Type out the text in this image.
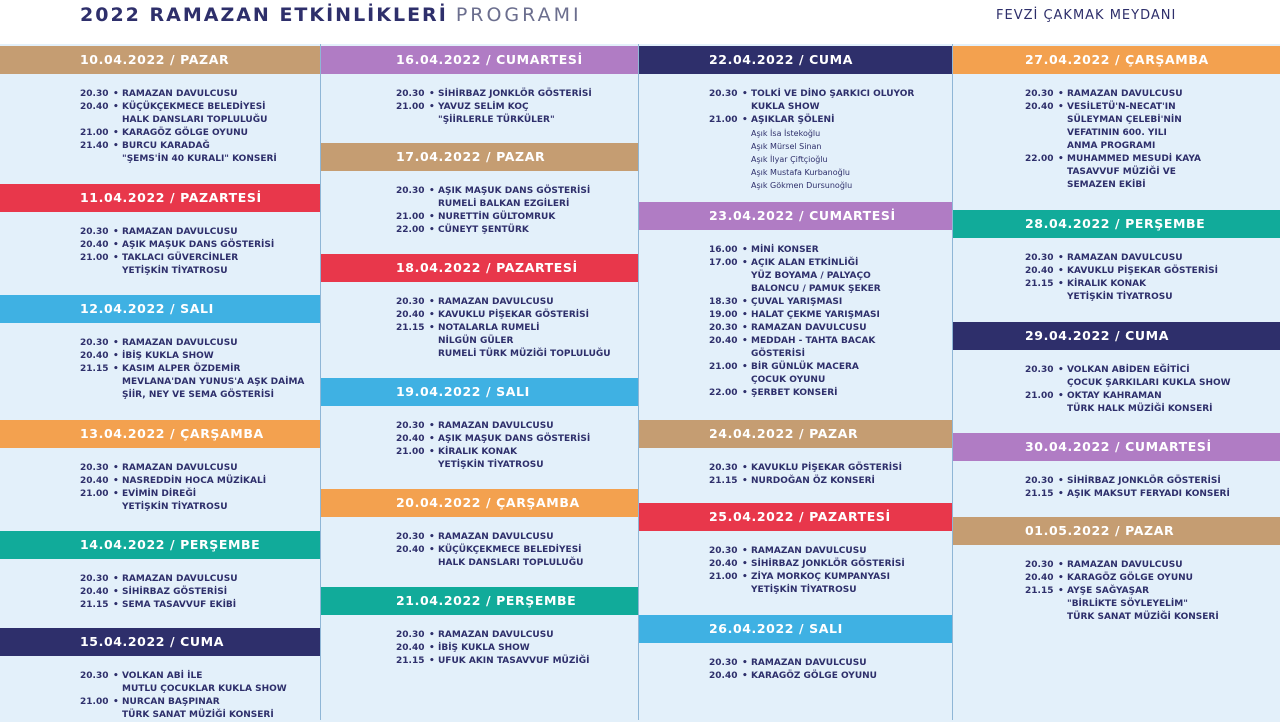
2022 RAMAZAN ETKİNLİKLERİ PROGRAMI	FEVZİ ÇAKMAK MEYDANI
10.04.2022 / PAZAR
20.30 • RAMAZAN DAVULCUSU
20.40 • KÜÇÜKÇEKMECE BELEDİYESİ
HALK DANSLARI TOPLULUĞU
21.00 • KARAGÖZ GÖLGE OYUNU
21.40 • BURCU KARADAĞ
"ŞEMS'İN 40 KURALI" KONSERİ
11.04.2022 / PAZARTESİ
20.30 • RAMAZAN DAVULCUSU
20.40 • AŞIK MAŞUK DANS GÖSTERİSİ
21.00 • TAKLACI GÜVERCİNLER
YETİŞKİN TİYATROSU
12.04.2022 / SALI
20.30 • RAMAZAN DAVULCUSU
20.40 • İBİŞ KUKLA SHOW
21.15 • KASIM ALPER ÖZDEMİR
MEVLANA'DAN YUNUS'A AŞK DAİMA
ŞİİR, NEY VE SEMA GÖSTERİSİ
13.04.2022 / ÇARŞAMBA
20.30 • RAMAZAN DAVULCUSU
20.40 • NASREDDİN HOCA MÜZİKALİ
21.00 • EVİMİN DİREĞİ
YETİŞKİN TİYATROSU
14.04.2022 / PERŞEMBE
20.30 • RAMAZAN DAVULCUSU
20.40 • SİHİRBAZ GÖSTERİSİ
21.15 • SEMA TASAVVUF EKİBİ
15.04.2022 / CUMA
20.30 • VOLKAN ABİ İLE
MUTLU ÇOCUKLAR KUKLA SHOW
21.00 • NURCAN BAŞPINAR
TÜRK SANAT MÜZİĞİ KONSERİ
16.04.2022 / CUMARTESİ
20.30 • SİHİRBAZ JONKLÖR GÖSTERİSİ
21.00 • YAVUZ SELİM KOÇ
"ŞİİRLERLE TÜRKÜLER"
17.04.2022 / PAZAR
20.30 • AŞIK MAŞUK DANS GÖSTERİSİ
RUMELİ BALKAN EZGİLERİ
21.00 • NURETTİN GÜLTOMRUK
22.00 • CÜNEYT ŞENTÜRK
18.04.2022 / PAZARTESİ
20.30 • RAMAZAN DAVULCUSU
20.40 • KAVUKLU PİŞEKAR GÖSTERİSİ
21.15 • NOTALARLA RUMELİ
NİLGÜN GÜLER
RUMELİ TÜRK MÜZİĞİ TOPLULUĞU
19.04.2022 / SALI
20.30 • RAMAZAN DAVULCUSU
20.40 • AŞIK MAŞUK DANS GÖSTERİSİ
21.00 • KİRALIK KONAK
YETİŞKİN TİYATROSU
20.04.2022 / ÇARŞAMBA
20.30 • RAMAZAN DAVULCUSU
20.40 • KÜÇÜKÇEKMECE BELEDİYESİ
HALK DANSLARI TOPLULUĞU
21.04.2022 / PERŞEMBE
20.30 • RAMAZAN DAVULCUSU
20.40 • İBİŞ KUKLA SHOW
21.15 • UFUK AKIN TASAVVUF MÜZİĞİ
22.04.2022 / CUMA
20.30 • TOLKİ VE DİNO ŞARKICI OLUYOR
KUKLA SHOW
21.00 • AŞIKLAR ŞÖLENİ
Aşık İsa İstekoğlu
Aşık Mürsel Sinan
Aşık İlyar Çiftçioğlu
Aşık Mustafa Kurbanoğlu
Aşık Gökmen Dursunoğlu
23.04.2022 / CUMARTESİ
16.00 • MİNİ KONSER
17.00 • AÇIK ALAN ETKİNLİĞİ
YÜZ BOYAMA / PALYAÇO
BALONCU / PAMUK ŞEKER
18.30 • ÇUVAL YARIŞMASI
19.00 • HALAT ÇEKME YARIŞMASI
20.30 • RAMAZAN DAVULCUSU
20.40 • MEDDAH - TAHTA BACAK
GÖSTERİSİ
21.00 • BİR GÜNLÜK MACERA
ÇOCUK OYUNU
22.00 • ŞERBET KONSERİ
24.04.2022 / PAZAR
20.30 • KAVUKLU PİŞEKAR GÖSTERİSİ
21.15 • NURDOĞAN ÖZ KONSERİ
25.04.2022 / PAZARTESİ
20.30 • RAMAZAN DAVULCUSU
20.40 • SİHİRBAZ JONKLÖR GÖSTERİSİ
21.00 • ZİYA MORKOÇ KUMPANYASI
YETİŞKİN TİYATROSU
26.04.2022 / SALI
20.30 • RAMAZAN DAVULCUSU
20.40 • KARAGÖZ GÖLGE OYUNU
27.04.2022 / ÇARŞAMBA
20.30 • RAMAZAN DAVULCUSU
20.40 • VESİLETÜ'N-NECAT'IN
SÜLEYMAN ÇELEBİ'NİN
VEFATININ 600. YILI
ANMA PROGRAMI
22.00 • MUHAMMED MESUDİ KAYA
TASAVVUF MÜZİĞİ VE
SEMAZEN EKİBİ
28.04.2022 / PERŞEMBE
20.30 • RAMAZAN DAVULCUSU
20.40 • KAVUKLU PİŞEKAR GÖSTERİSİ
21.15 • KİRALIK KONAK
YETİŞKİN TİYATROSU
29.04.2022 / CUMA
20.30 • VOLKAN ABİDEN EĞİTİCİ
ÇOCUK ŞARKILARI KUKLA SHOW
21.00 • OKTAY KAHRAMAN
TÜRK HALK MÜZİĞİ KONSERİ
30.04.2022 / CUMARTESİ
20.30 • SİHİRBAZ JONKLÖR GÖSTERİSİ
21.15 • AŞIK MAKSUT FERYADI KONSERİ
01.05.2022 / PAZAR
20.30 • RAMAZAN DAVULCUSU
20.40 • KARAGÖZ GÖLGE OYUNU
21.15 • AYŞE SAĞYAŞAR
"BİRLİKTE SÖYLEYELİM"
TÜRK SANAT MÜZİĞİ KONSERİ
